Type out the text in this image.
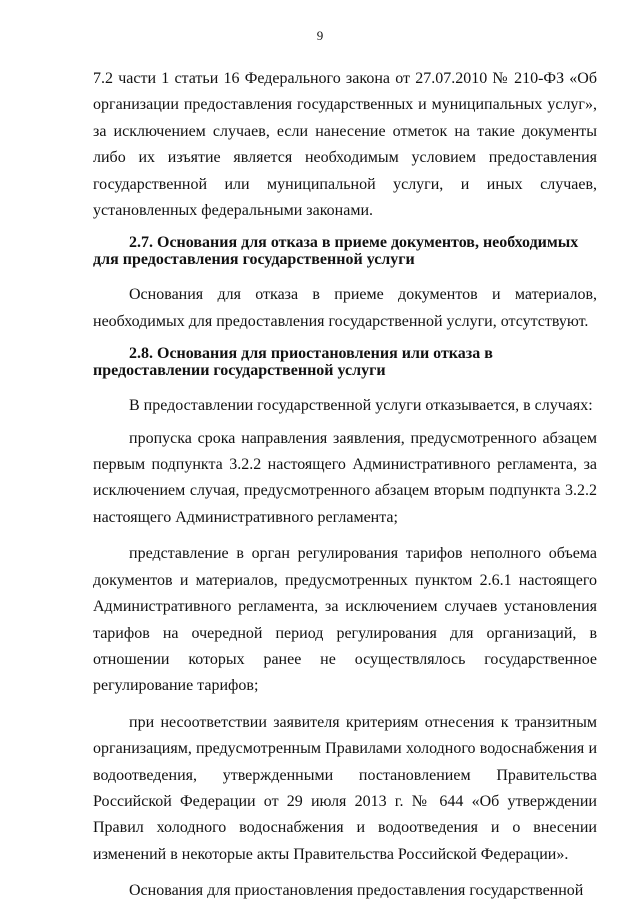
9

7.2 части 1 статьи 16 Федерального закона от 27.07.2010 № 210-ФЗ «Об организации предоставления государственных и муниципальных услуг», за исключением случаев, если нанесение отметок на такие документы либо их изъятие является необходимым условием предоставления государственной или муниципальной услуги, и иных случаев, установленных федеральными законами.

2.7. Основания для отказа в приеме документов, необходимых для предоставления государственной услуги

Основания для отказа в приеме документов и материалов, необходимых для предоставления государственной услуги, отсутствуют.

2.8. Основания для приостановления или отказа в предоставлении государственной услуги

В предоставлении государственной услуги отказывается, в случаях:

пропуска срока направления заявления, предусмотренного абзацем первым подпункта 3.2.2 настоящего Административного регламента, за исключением случая, предусмотренного абзацем вторым подпункта 3.2.2 настоящего Административного регламента;

представление в орган регулирования тарифов неполного объема документов и материалов, предусмотренных пунктом 2.6.1 настоящего Административного регламента, за исключением случаев установления тарифов на очередной период регулирования для организаций, в отношении которых ранее не осуществлялось государственное регулирование тарифов;

при несоответствии заявителя критериям отнесения к транзитным организациям, предусмотренным Правилами холодного водоснабжения и водоотведения, утвержденными постановлением Правительства Российской Федерации от 29 июля 2013 г. № 644 «Об утверждении Правил холодного водоснабжения и водоотведения и о внесении изменений в некоторые акты Правительства Российской Федерации».

Основания для приостановления предоставления государственной
